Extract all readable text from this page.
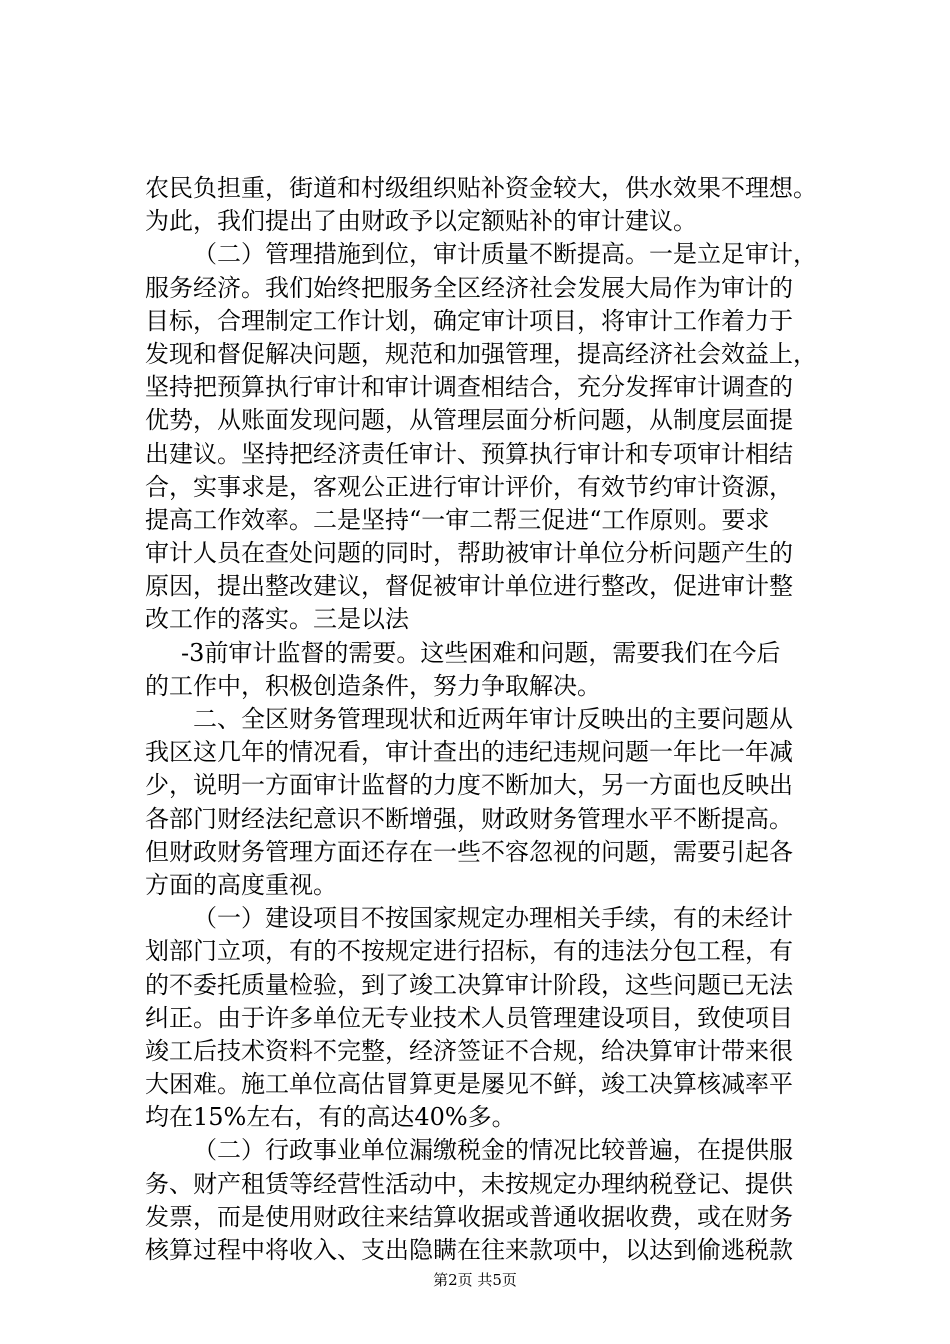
农民负担重，街道和村级组织贴补资金较大，供水效果不理想。
为此，我们提出了由财政予以定额贴补的审计建议。
（二）管理措施到位，审计质量不断提高。一是立足审计，
服务经济。我们始终把服务全区经济社会发展大局作为审计的
目标，合理制定工作计划，确定审计项目，将审计工作着力于
发现和督促解决问题，规范和加强管理，提高经济社会效益上，
坚持把预算执行审计和审计调查相结合，充分发挥审计调查的
优势，从账面发现问题，从管理层面分析问题，从制度层面提
出建议。坚持把经济责任审计、预算执行审计和专项审计相结
合，实事求是，客观公正进行审计评价，有效节约审计资源，
提高工作效率。二是坚持“一审二帮三促进“工作原则。要求
审计人员在查处问题的同时，帮助被审计单位分析问题产生的
原因，提出整改建议，督促被审计单位进行整改，促进审计整
改工作的落实。三是以法
-3前审计监督的需要。这些困难和问题，需要我们在今后
的工作中，积极创造条件，努力争取解决。
二、全区财务管理现状和近两年审计反映出的主要问题从
我区这几年的情况看，审计查出的违纪违规问题一年比一年减
少，说明一方面审计监督的力度不断加大，另一方面也反映出
各部门财经法纪意识不断增强，财政财务管理水平不断提高。
但财政财务管理方面还存在一些不容忽视的问题，需要引起各
方面的高度重视。
（一）建设项目不按国家规定办理相关手续，有的未经计
划部门立项，有的不按规定进行招标，有的违法分包工程，有
的不委托质量检验，到了竣工决算审计阶段，这些问题已无法
纠正。由于许多单位无专业技术人员管理建设项目，致使项目
竣工后技术资料不完整，经济签证不合规，给决算审计带来很
大困难。施工单位高估冒算更是屡见不鲜，竣工决算核减率平
均在15%左右，有的高达40%多。
（二）行政事业单位漏缴税金的情况比较普遍，在提供服
务、财产租赁等经营性活动中，未按规定办理纳税登记、提供
发票，而是使用财政往来结算收据或普通收据收费，或在财务
核算过程中将收入、支出隐瞒在往来款项中，以达到偷逃税款
第2页 共5页
